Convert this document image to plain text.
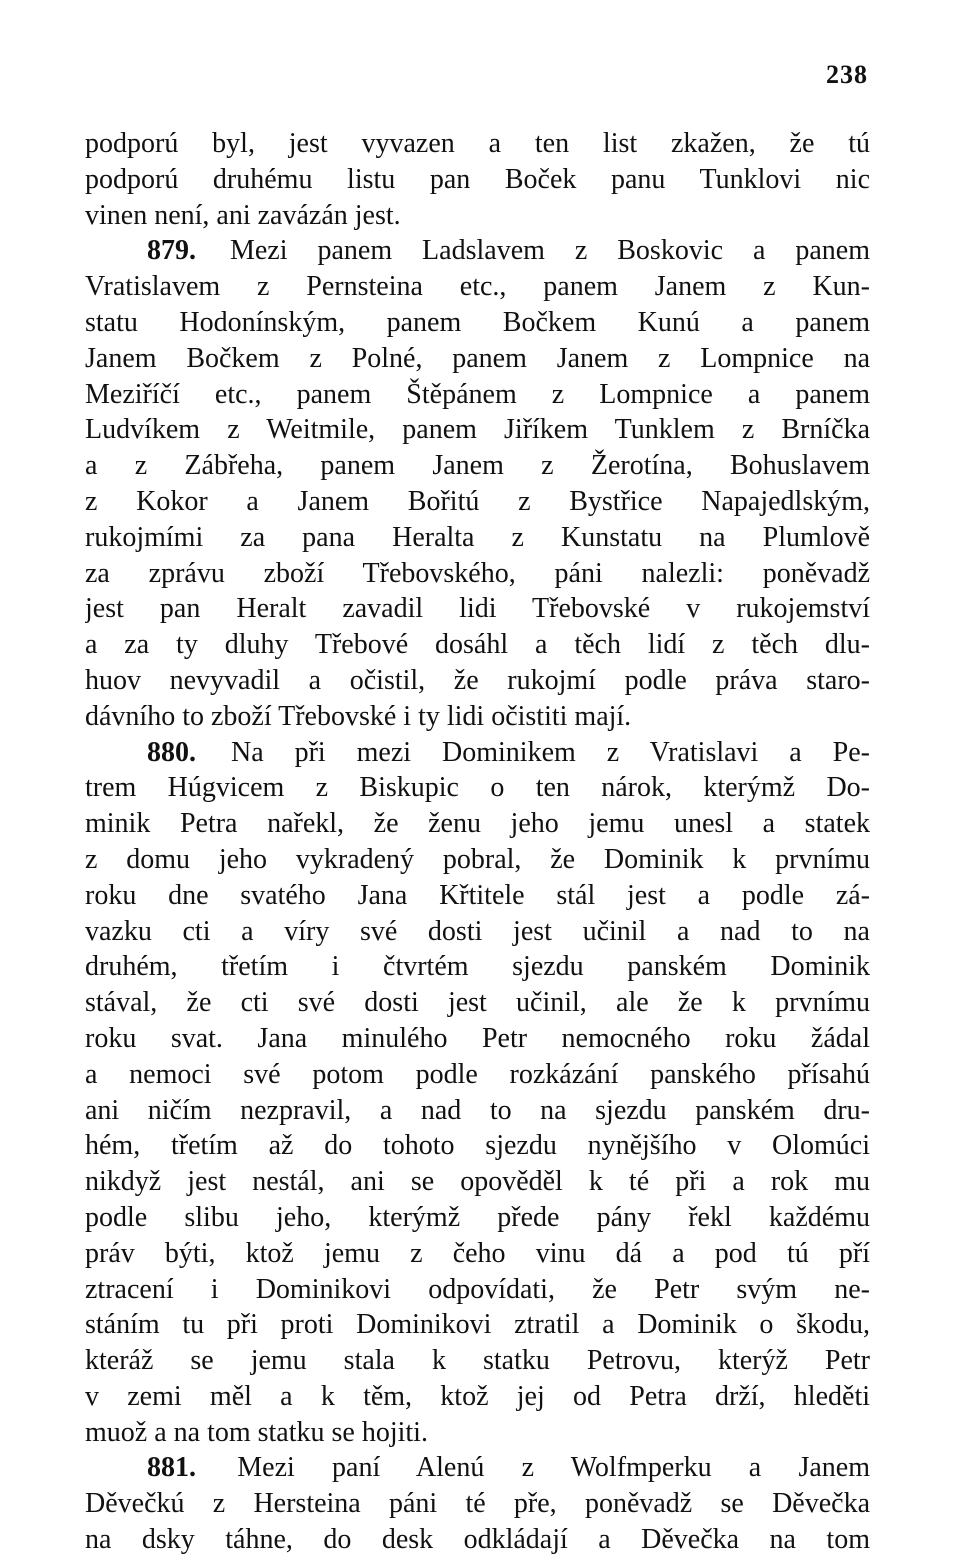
238
podporú byl, jest vyvazen a ten list zkažen, že tú
podporú druhému listu pan Boček panu Tunklovi nic
vinen není, ani zavázán jest.
879. Mezi panem Ladslavem z Boskovic a panem
Vratislavem z Pernsteina etc., panem Janem z Kun-
statu Hodonínským, panem Bočkem Kunú a panem
Janem Bočkem z Polné, panem Janem z Lompnice na
Meziříčí etc., panem Štěpánem z Lompnice a panem
Ludvíkem z Weitmile, panem Jiříkem Tunklem z Brníčka
a z Zábřeha, panem Janem z Žerotína, Bohuslavem
z Kokor a Janem Bořitú z Bystřice Napajedlským,
rukojmími za pana Heralta z Kunstatu na Plumlově
za zprávu zboží Třebovského, páni nalezli: poněvadž
jest pan Heralt zavadil lidi Třebovské v rukojemství
a za ty dluhy Třebové dosáhl a těch lidí z těch dlu-
huov nevyvadil a očistil, že rukojmí podle práva staro-
dávního to zboží Třebovské i ty lidi očistiti mají.
880. Na při mezi Dominikem z Vratislavi a Pe-
trem Húgvicem z Biskupic o ten nárok, kterýmž Do-
minik Petra nařekl, že ženu jeho jemu unesl a statek
z domu jeho vykradený pobral, že Dominik k prvnímu
roku dne svatého Jana Křtitele stál jest a podle zá-
vazku cti a víry své dosti jest učinil a nad to na
druhém, třetím i čtvrtém sjezdu panském Dominik
stával, že cti své dosti jest učinil, ale že k prvnímu
roku svat. Jana minulého Petr nemocného roku žádal
a nemoci své potom podle rozkázání panského přísahú
ani ničím nezpravil, a nad to na sjezdu panském dru-
hém, třetím až do tohoto sjezdu nynějšího v Olomúci
nikdyž jest nestál, ani se opověděl k té při a rok mu
podle slibu jeho, kterýmž přede pány řekl každému
práv býti, ktož jemu z čeho vinu dá a pod tú pří
ztracení i Dominikovi odpovídati, že Petr svým ne-
stáním tu při proti Dominikovi ztratil a Dominik o škodu,
kteráž se jemu stala k statku Petrovu, kterýž Petr
v zemi měl a k těm, ktož jej od Petra drží, hleděti
muož a na tom statku se hojiti.
881. Mezi paní Alenú z Wolfmperku a Janem
Děvečkú z Hersteina páni té pře, poněvadž se Děvečka
na dsky táhne, do desk odkládají a Děvečka na tom
